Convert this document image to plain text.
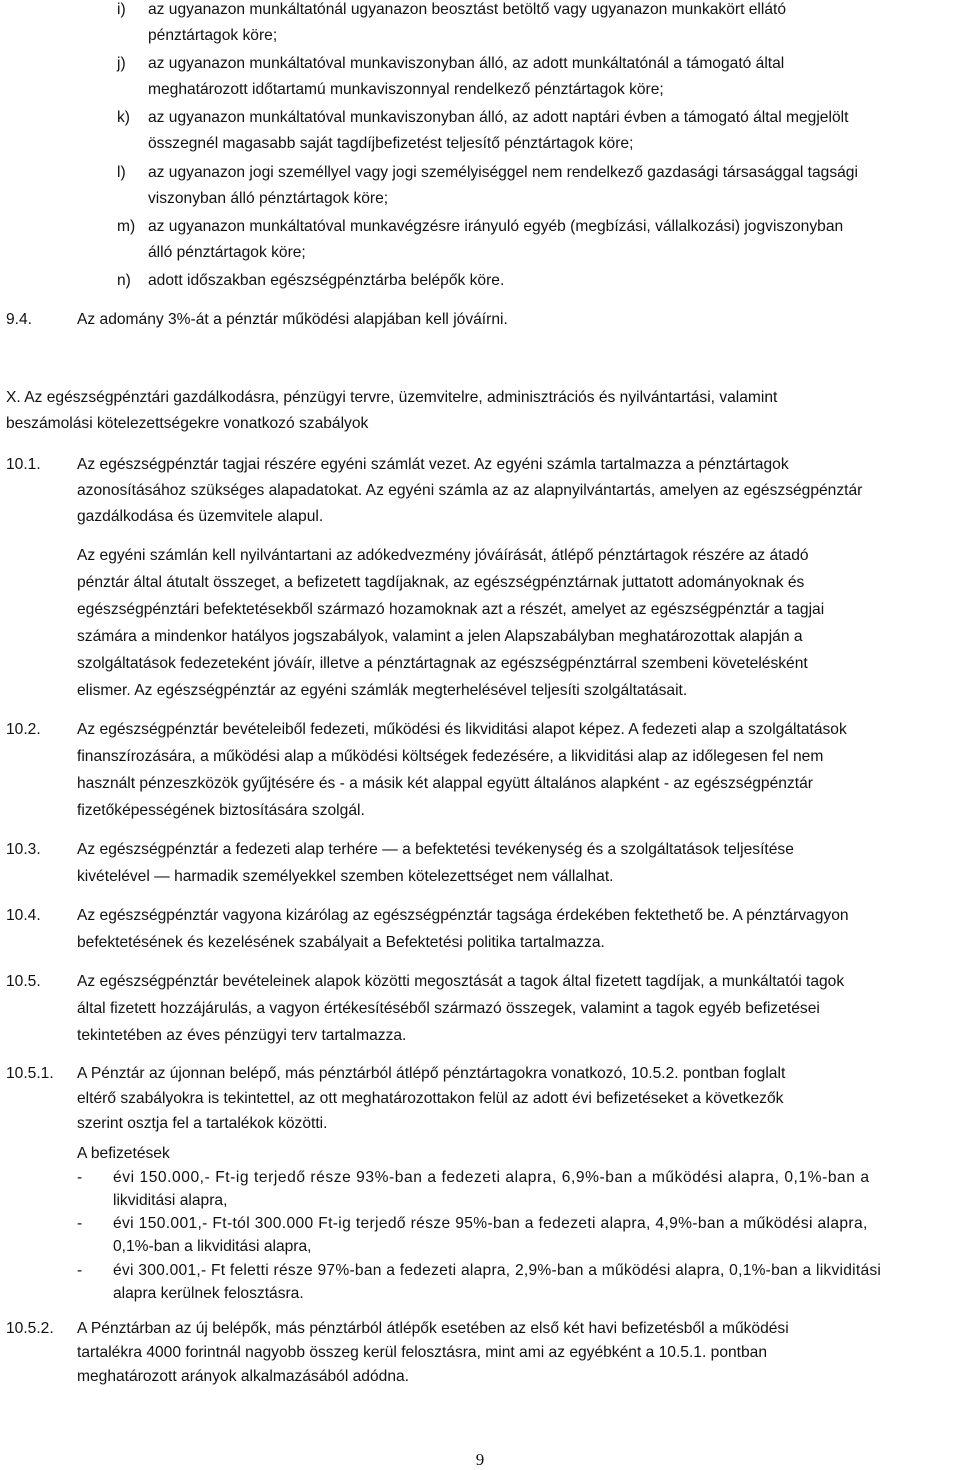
i) az ugyanazon munkáltatónál ugyanazon beosztást betöltő vagy ugyanazon munkakört ellátó
pénztártagok köre;
j) az ugyanazon munkáltatóval munkaviszonyban álló, az adott munkáltatónál a támogató által
meghatározott időtartamú munkaviszonnyal rendelkező pénztártagok köre;
k) az ugyanazon munkáltatóval munkaviszonyban álló, az adott naptári évben a támogató által megjelölt
összegnél magasabb saját tagdíjbefizetést teljesítő pénztártagok köre;
l) az ugyanazon jogi személlyel vagy jogi személyiséggel nem rendelkező gazdasági társasággal tagsági
viszonyban álló pénztártagok köre;
m) az ugyanazon munkáltatóval munkavégzésre irányuló egyéb (megbízási, vállalkozási) jogviszonyban
álló pénztártagok köre;
n) adott időszakban egészségpénztárba belépők köre.
9.4.	Az adomány 3%-át a pénztár működési alapjában kell jóváírni.
X. Az egészségpénztári gazdálkodásra, pénzügyi tervre, üzemvitelre, adminisztrációs és nyilvántartási, valamint
beszámolási kötelezettségekre vonatkozó szabályok
10.1. Az egészségpénztár tagjai részére egyéni számlát vezet. Az egyéni számla tartalmazza a pénztártagok
azonosításához szükséges alapadatokat. Az egyéni számla az az alapnyilvántartás, amelyen az egészségpénztár
gazdálkodása és üzemvitele alapul.
Az egyéni számlán kell nyilvántartani az adókedvezmény jóváírását, átlépő pénztártagok részére az átadó
pénztár által átutalt összeget, a befizetett tagdíjaknak, az egészségpénztárnak juttatott adományoknak és
egészségpénztári befektetésekből származó hozamoknak azt a részét, amelyet az egészségpénztár a tagjai
számára a mindenkor hatályos jogszabályok, valamint a jelen Alapszabályban meghatározottak alapján a
szolgáltatások fedezeteként jóváír, illetve a pénztártagnak az egészségpénztárral szembeni követelésként
elismer. Az egészségpénztár az egyéni számlák megterhelésével teljesíti szolgáltatásait.
10.2. Az egészségpénztár bevételeiből fedezeti, működési és likviditási alapot képez. A fedezeti alap a szolgáltatások
finanszírozására, a működési alap a működési költségek fedezésére, a likviditási alap az időlegesen fel nem
használt pénzeszközök gyűjtésére és - a másik két alappal együtt általános alapként - az egészségpénztár
fizetőképességének biztosítására szolgál.
10.3. Az egészségpénztár a fedezeti alap terhére — a befektetési tevékenység és a szolgáltatások teljesítése
kivételével — harmadik személyekkel szemben kötelezettséget nem vállalhat.
10.4. Az egészségpénztár vagyona kizárólag az egészségpénztár tagsága érdekében fektethető be. A pénztárvagyon
befektetésének és kezelésének szabályait a Befektetési politika tartalmazza.
10.5. Az egészségpénztár bevételeinek alapok közötti megosztását a tagok által fizetett tagdíjak, a munkáltatói tagok
által fizetett hozzájárulás, a vagyon értékesítéséből származó összegek, valamint a tagok egyéb befizetései
tekintetében az éves pénzügyi terv tartalmazza.
10.5.1. A Pénztár az újonnan belépő, más pénztárból átlépő pénztártagokra vonatkozó, 10.5.2. pontban foglalt
eltérő szabályokra is tekintettel, az ott meghatározottakon felül az adott évi befizetéseket a következők
szerint osztja fel a tartalékok közötti.
A befizetések
- évi 150.000,- Ft-ig terjedő része 93%-ban a fedezeti alapra, 6,9%-ban a működési alapra, 0,1%-ban a
likviditási alapra,
- évi 150.001,- Ft-tól 300.000 Ft-ig terjedő része 95%-ban a fedezeti alapra, 4,9%-ban a működési alapra,
0,1%-ban a likviditási alapra,
- évi 300.001,- Ft feletti része 97%-ban a fedezeti alapra, 2,9%-ban a működési alapra, 0,1%-ban a likviditási
alapra kerülnek felosztásra.
10.5.2. A Pénztárban az új belépők, más pénztárból átlépők esetében az első két havi befizetésből a működési
tartalékra 4000 forintnál nagyobb összeg kerül felosztásra, mint ami az egyébként a 10.5.1. pontban
meghatározott arányok alkalmazásából adódna.
9
